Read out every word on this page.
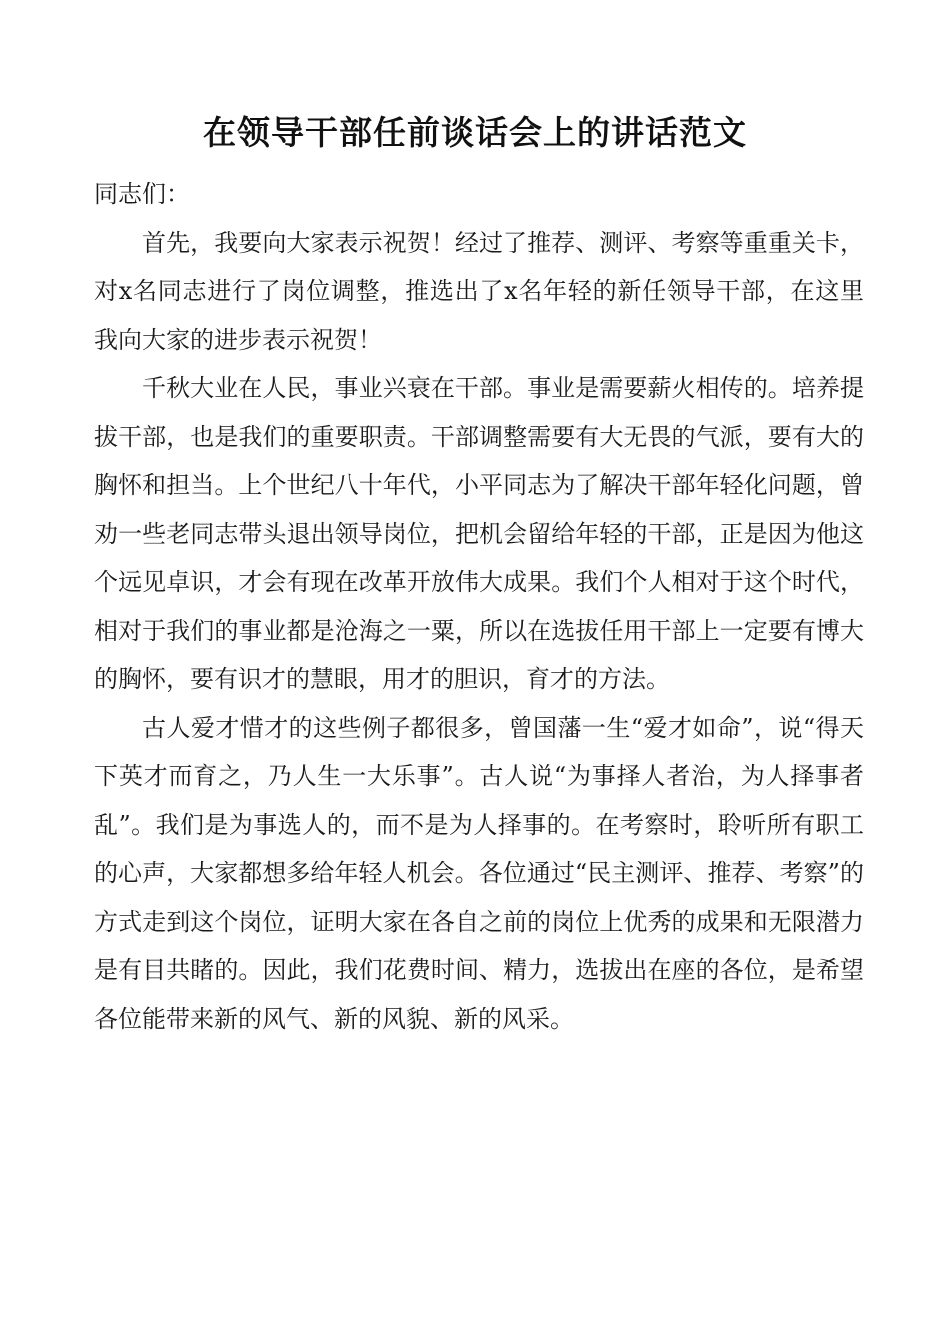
在领导干部任前谈话会上的讲话范文

同志们：

首先，我要向大家表示祝贺！经过了推荐、测评、考察等重重关卡，对x名同志进行了岗位调整，推选出了x名年轻的新任领导干部，在这里我向大家的进步表示祝贺！

千秋大业在人民，事业兴衰在干部。事业是需要薪火相传的。培养提拔干部，也是我们的重要职责。干部调整需要有大无畏的气派，要有大的胸怀和担当。上个世纪八十年代，小平同志为了解决干部年轻化问题，曾劝一些老同志带头退出领导岗位，把机会留给年轻的干部，正是因为他这个远见卓识，才会有现在改革开放伟大成果。我们个人相对于这个时代，相对于我们的事业都是沧海之一粟，所以在选拔任用干部上一定要有博大的胸怀，要有识才的慧眼，用才的胆识，育才的方法。

古人爱才惜才的这些例子都很多，曾国藩一生“爱才如命”，说“得天下英才而育之，乃人生一大乐事”。古人说“为事择人者治，为人择事者乱”。我们是为事选人的，而不是为人择事的。在考察时，聆听所有职工的心声，大家都想多给年轻人机会。各位通过“民主测评、推荐、考察”的方式走到这个岗位，证明大家在各自之前的岗位上优秀的成果和无限潜力是有目共睹的。因此，我们花费时间、精力，选拔出在座的各位，是希望各位能带来新的风气、新的风貌、新的风采。
